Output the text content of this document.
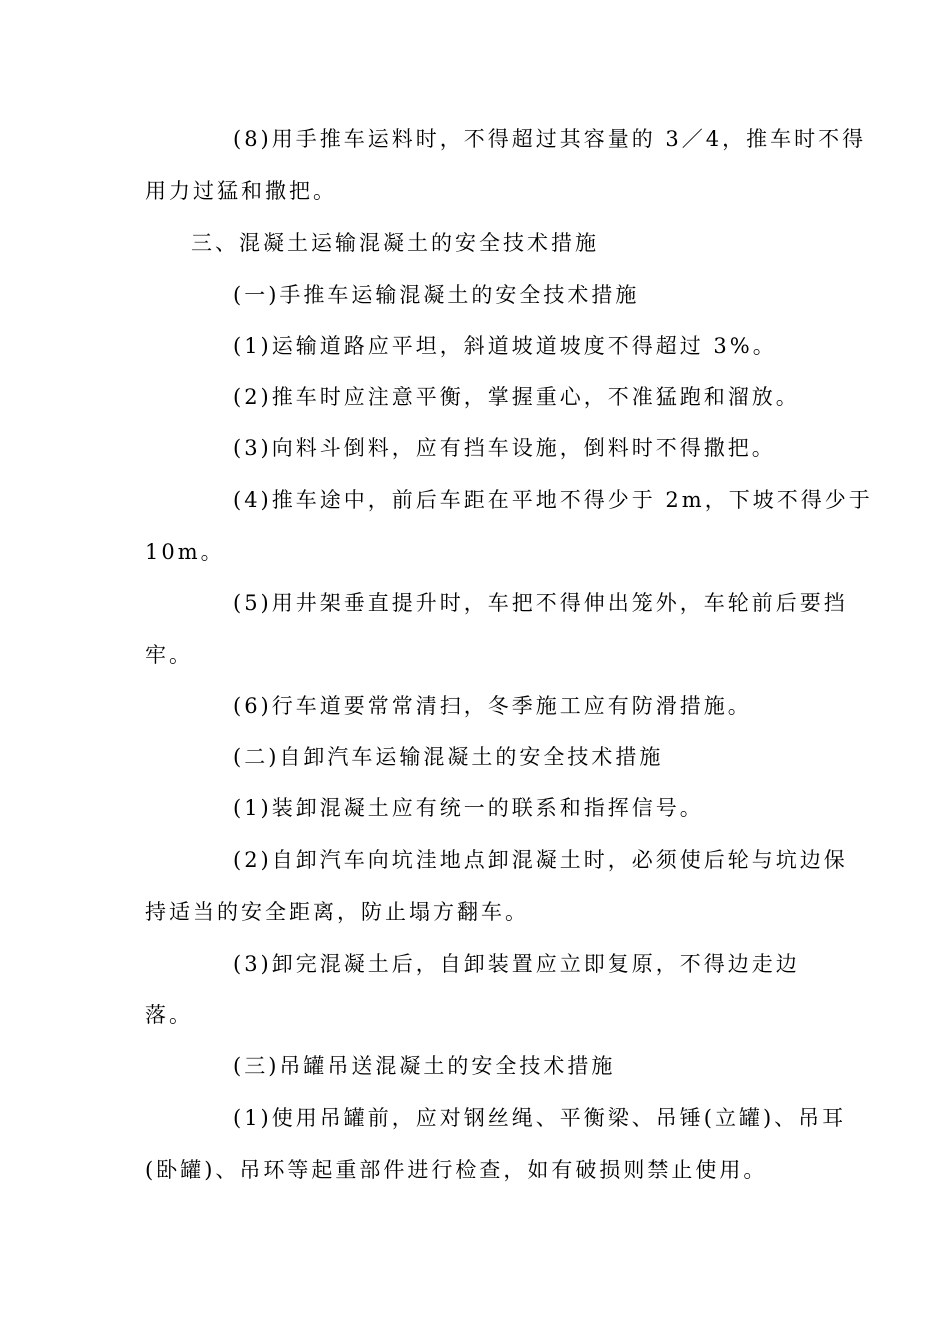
(8)用手推车运料时，不得超过其容量的 3／4，推车时不得
用力过猛和撒把。
三、混凝土运输混凝土的安全技术措施
(一)手推车运输混凝土的安全技术措施
(1)运输道路应平坦，斜道坡道坡度不得超过 3%。
(2)推车时应注意平衡，掌握重心，不准猛跑和溜放。
(3)向料斗倒料，应有挡车设施，倒料时不得撒把。
(4)推车途中，前后车距在平地不得少于 2m，下坡不得少于
10m。
(5)用井架垂直提升时，车把不得伸出笼外，车轮前后要挡
牢。
(6)行车道要常常清扫，冬季施工应有防滑措施。
(二)自卸汽车运输混凝土的安全技术措施
(1)装卸混凝土应有统一的联系和指挥信号。
(2)自卸汽车向坑洼地点卸混凝土时，必须使后轮与坑边保
持适当的安全距离，防止塌方翻车。
(3)卸完混凝土后，自卸装置应立即复原，不得边走边
落。
(三)吊罐吊送混凝土的安全技术措施
(1)使用吊罐前，应对钢丝绳、平衡梁、吊锤(立罐)、吊耳
(卧罐)、吊环等起重部件进行检查，如有破损则禁止使用。
